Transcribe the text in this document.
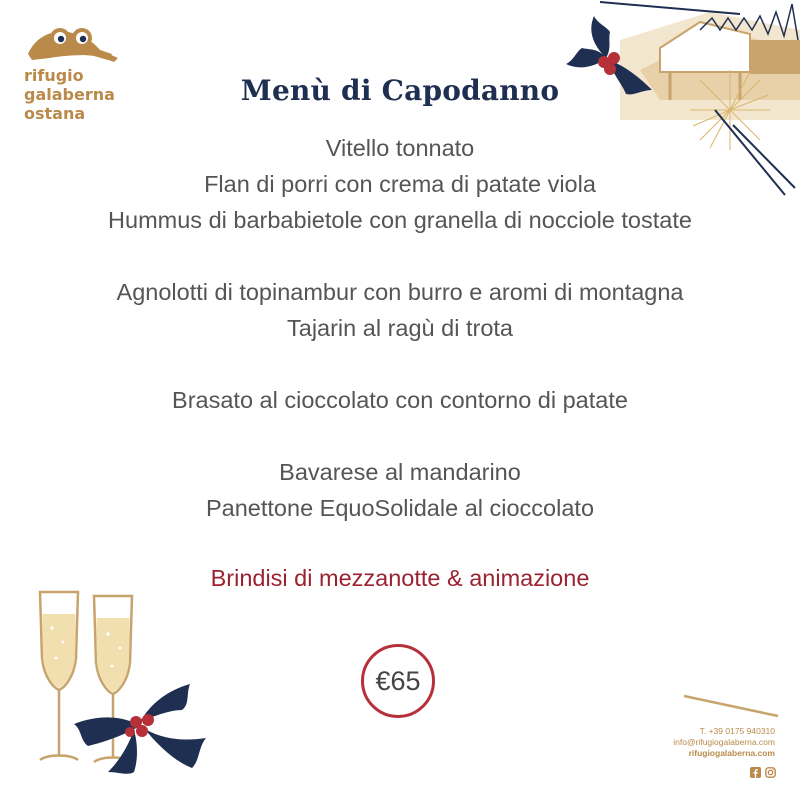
rifugio
galaberna
ostana
Menù di Capodanno
Vitello tonnato
Flan di porri con crema di patate viola
Hummus di barbabietole con granella di nocciole tostate
Agnolotti di topinambur con burro e aromi di montagna
Tajarin al ragù di trota
Brasato al cioccolato con contorno di patate
Bavarese al mandarino
Panettone EquoSolidale al cioccolato
Brindisi di mezzanotte & animazione
€65
T. +39 0175 940310
info@rifugiogalaberna.com
rifugiogalaberna.com
